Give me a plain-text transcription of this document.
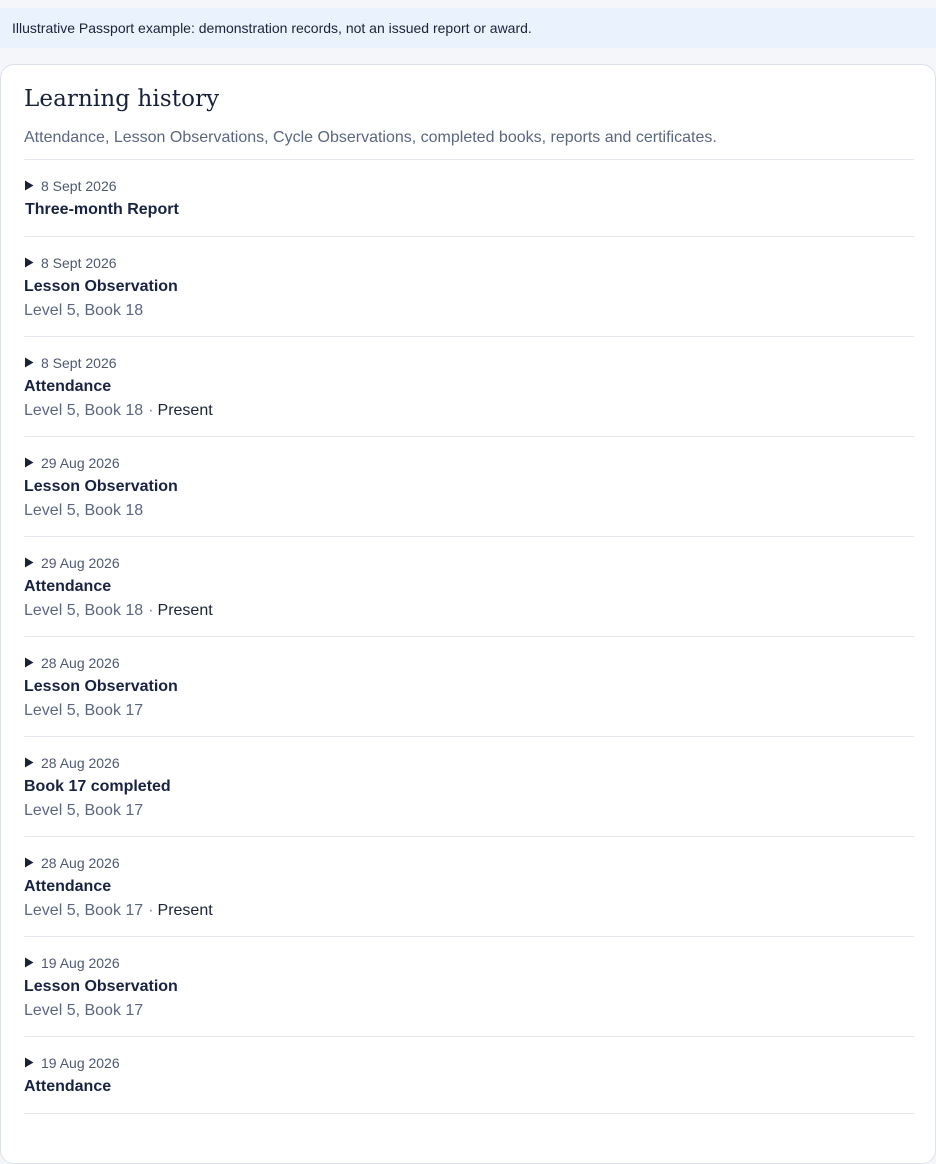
Illustrative Passport example: demonstration records, not an issued report or award.
Learning history
Attendance, Lesson Observations, Cycle Observations, completed books, reports and certificates.
8 Sept 2026
Three-month Report
8 Sept 2026
Lesson Observation
Level 5, Book 18
8 Sept 2026
Attendance
Level 5, Book 18 · Present
29 Aug 2026
Lesson Observation
Level 5, Book 18
29 Aug 2026
Attendance
Level 5, Book 18 · Present
28 Aug 2026
Lesson Observation
Level 5, Book 17
28 Aug 2026
Book 17 completed
Level 5, Book 17
28 Aug 2026
Attendance
Level 5, Book 17 · Present
19 Aug 2026
Lesson Observation
Level 5, Book 17
19 Aug 2026
Attendance
